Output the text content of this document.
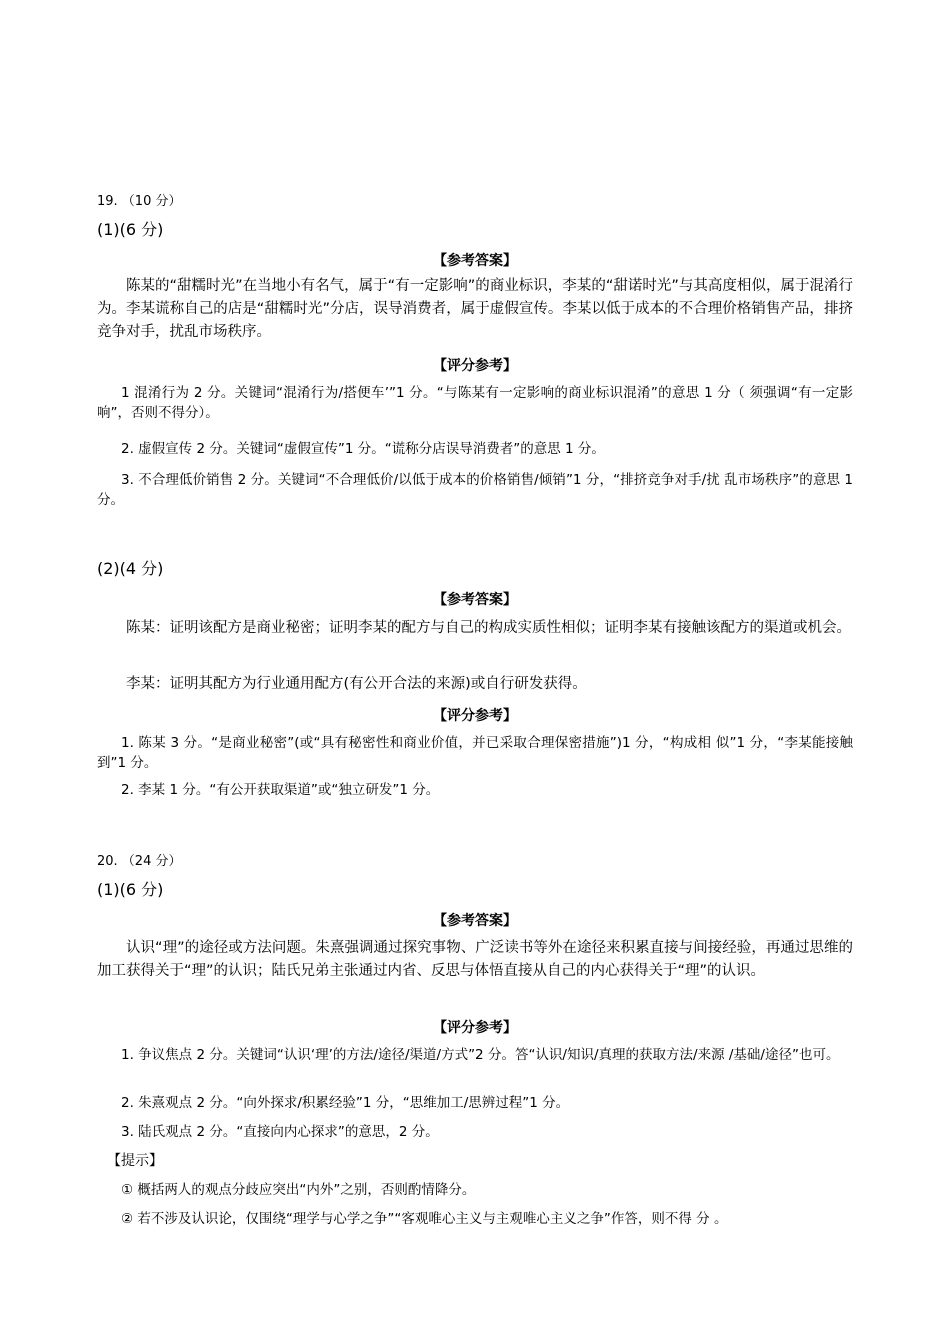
19. （10 分）
(1)(6 分)
【参考答案】
陈某的“甜糯时光”在当地小有名气，属于“有一定影响”的商业标识，李某的“甜诺时光”与其高度相似，属于混淆行为。李某谎称自己的店是“甜糯时光”分店，误导消费者，属于虚假宣传。李某以低于成本的不合理价格销售产品，排挤竞争对手，扰乱市场秩序。
【评分参考】
1 混淆行为 2 分。关键词“混淆行为/搭便车’”1 分。“与陈某有一定影响的商业标识混淆”的意思 1 分（ 须强调“有一定影响”，否则不得分）。
2. 虚假宣传 2 分。关键词“虚假宣传”1 分。“谎称分店误导消费者”的意思 1 分。
3. 不合理低价销售 2 分。关键词“不合理低价/以低于成本的价格销售/倾销”1 分，“排挤竞争对手/扰 乱市场秩序”的意思 1 分。
(2)(4 分)
【参考答案】
陈某：证明该配方是商业秘密；证明李某的配方与自己的构成实质性相似；证明李某有接触该配方的渠道或机会。
李某：证明其配方为行业通用配方(有公开合法的来源)或自行研发获得。
【评分参考】
1. 陈某 3 分。“是商业秘密”(或“具有秘密性和商业价值，并已采取合理保密措施”)1 分，“构成相 似”1 分，“李某能接触到”1 分。
2. 李某 1 分。“有公开获取渠道”或“独立研发”1 分。
20. （24 分）
(1)(6 分)
【参考答案】
认识“理”的途径或方法问题。朱熹强调通过探究事物、广泛读书等外在途径来积累直接与间接经验，再通过思维的加工获得关于“理”的认识；陆氏兄弟主张通过内省、反思与体悟直接从自己的内心获得关于“理”的认识。
【评分参考】
1. 争议焦点 2 分。关键词“认识‘理’的方法/途径/渠道/方式”2 分。答“认识/知识/真理的获取方法/来源 /基础/途径”也可。
2. 朱熹观点 2 分。“向外探求/积累经验”1 分，“思维加工/思辨过程”1 分。
3. 陆氏观点 2 分。“直接向内心探求”的意思，2 分。
【提示】
① 概括两人的观点分歧应突出“内外”之别，否则酌情降分。
② 若不涉及认识论，仅围绕“理学与心学之争”“客观唯心主义与主观唯心主义之争”作答，则不得 分 。
